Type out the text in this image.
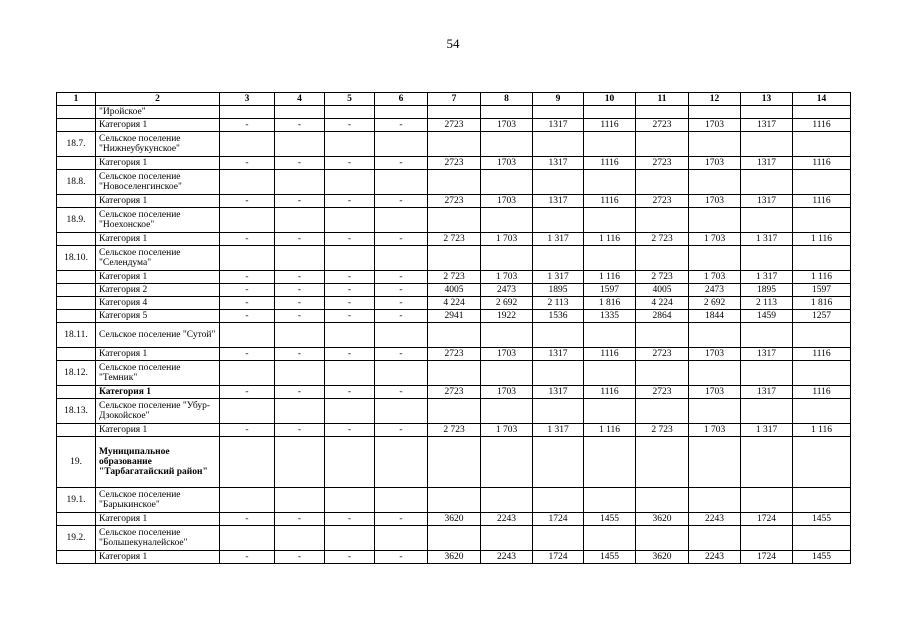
54
1	2	3	4	5	6	7	8	9	10	11	12	13	14
	"Иройское"												
	Категория 1	-	-	-	-	2723	1703	1317	1116	2723	1703	1317	1116
18.7.	Сельское поселение "Нижнеубукунское"												
	Категория 1	-	-	-	-	2723	1703	1317	1116	2723	1703	1317	1116
18.8.	Сельское поселение "Новоселенгинское"												
	Категория 1	-	-	-	-	2723	1703	1317	1116	2723	1703	1317	1116
18.9.	Сельское поселение "Ноехонское"												
	Категория 1	-	-	-	-	2 723	1 703	1 317	1 116	2 723	1 703	1 317	1 116
18.10.	Сельское поселение "Селендума"												
	Категория 1	-	-	-	-	2 723	1 703	1 317	1 116	2 723	1 703	1 317	1 116
	Категория 2	-	-	-	-	4005	2473	1895	1597	4005	2473	1895	1597
	Категория 4	-	-	-	-	4 224	2 692	2 113	1 816	4 224	2 692	2 113	1 816
	Категория 5	-	-	-	-	2941	1922	1536	1335	2864	1844	1459	1257
18.11.	Сельское поселение "Сутой"												
	Категория 1	-	-	-	-	2723	1703	1317	1116	2723	1703	1317	1116
18.12.	Сельское поселение "Темник"												
	Категория 1	-	-	-	-	2723	1703	1317	1116	2723	1703	1317	1116
18.13.	Сельское поселение "Убур-Дзокойское"												
	Категория 1	-	-	-	-	2 723	1 703	1 317	1 116	2 723	1 703	1 317	1 116
19.	Муниципальное образование "Тарбагатайский район"												
19.1.	Сельское поселение "Барыкинское"												
	Категория 1	-	-	-	-	3620	2243	1724	1455	3620	2243	1724	1455
19.2.	Сельское поселение "Большекуналейское"												
	Категория 1	-	-	-	-	3620	2243	1724	1455	3620	2243	1724	1455
